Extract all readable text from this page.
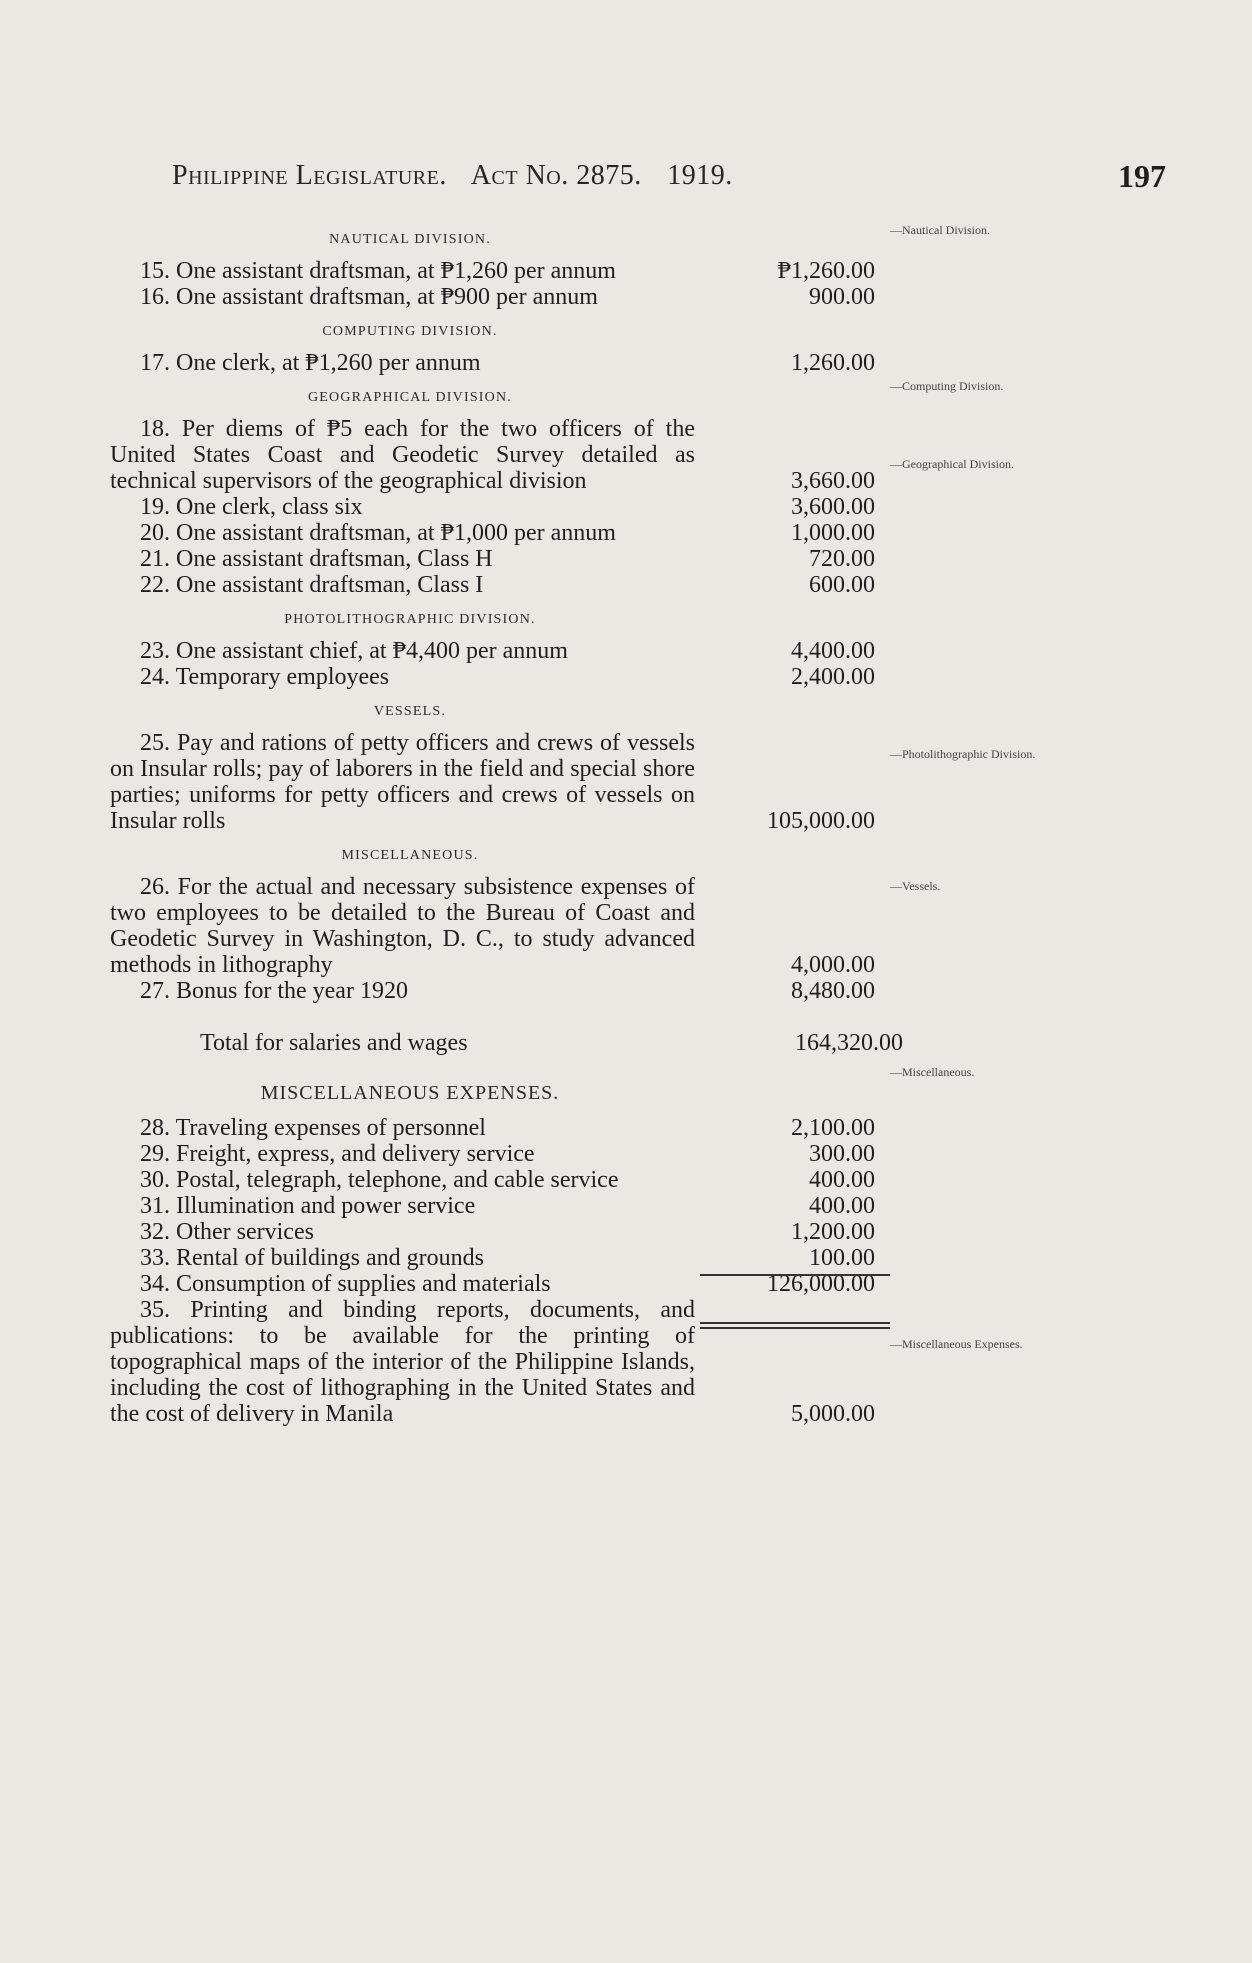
Philippine Legislature. Act No. 2875. 1919.	197
—Nautical Division.
—Computing Division.
—Geographical Division.
—Photolithographic Division.
—Vessels.
—Miscellaneous.
—Miscellaneous Expenses.
NAUTICAL DIVISION.
15. One assistant draftsman, at ₱1,260 per annum	₱1,260.00
16. One assistant draftsman, at ₱900 per annum	900.00
COMPUTING DIVISION.
17. One clerk, at ₱1,260 per annum	1,260.00
GEOGRAPHICAL DIVISION.
18. Per diems of ₱5 each for the two officers of the United States Coast and Geodetic Survey detailed as technical supervisors of the geographical division	3,660.00
19. One clerk, class six	3,600.00
20. One assistant draftsman, at ₱1,000 per annum	1,000.00
21. One assistant draftsman, Class H	720.00
22. One assistant draftsman, Class I	600.00
PHOTOLITHOGRAPHIC DIVISION.
23. One assistant chief, at ₱4,400 per annum	4,400.00
24. Temporary employees	2,400.00
VESSELS.
25. Pay and rations of petty officers and crews of vessels on Insular rolls; pay of laborers in the field and special shore parties; uniforms for petty officers and crews of vessels on Insular rolls	105,000.00
MISCELLANEOUS.
26. For the actual and necessary subsistence expenses of two employees to be detailed to the Bureau of Coast and Geodetic Survey in Washington, D. C., to study advanced methods in lithography	4,000.00
27. Bonus for the year 1920	8,480.00
Total for salaries and wages	164,320.00
MISCELLANEOUS EXPENSES.
28. Traveling expenses of personnel	2,100.00
29. Freight, express, and delivery service	300.00
30. Postal, telegraph, telephone, and cable service	400.00
31. Illumination and power service	400.00
32. Other services	1,200.00
33. Rental of buildings and grounds	100.00
34. Consumption of supplies and materials	126,000.00
35. Printing and binding reports, documents, and publications: to be available for the printing of topographical maps of the interior of the Philippine Islands, including the cost of lithographing in the United States and the cost of delivery in Manila	5,000.00
